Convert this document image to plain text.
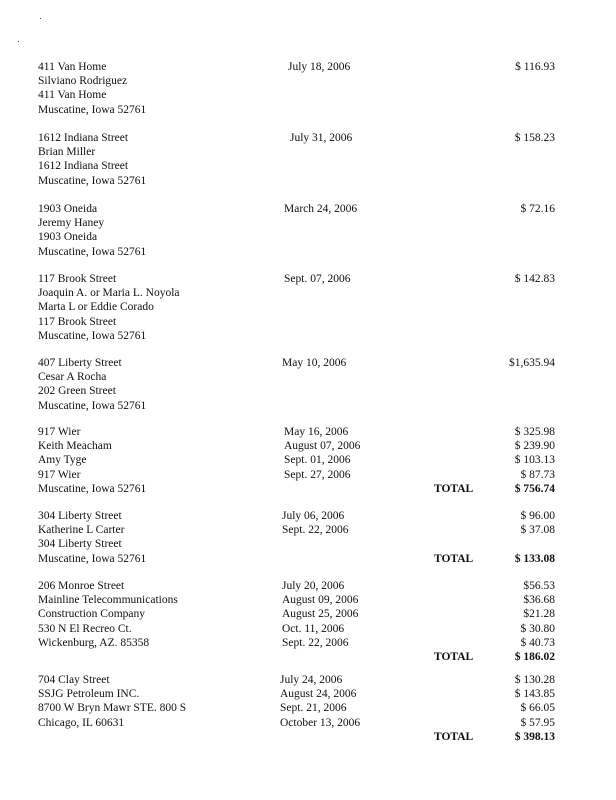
411 Van Home	July 18, 2006	$ 116.93
Silviano Rodriguez
411 Van Home
Muscatine, Iowa 52761
1612 Indiana Street	July 31, 2006	$ 158.23
Brian Miller
1612 Indiana Street
Muscatine, Iowa 52761
1903 Oneida	March 24, 2006	$ 72.16
Jeremy Haney
1903 Oneida
Muscatine, Iowa 52761
117 Brook Street	Sept. 07, 2006	$ 142.83
Joaquin A. or Maria L. Noyola
Marta L or Eddie Corado
117 Brook Street
Muscatine, Iowa 52761
407 Liberty Street	May 10, 2006	$1,635.94
Cesar A Rocha
202 Green Street
Muscatine, Iowa 52761
917 Wier	May 16, 2006	$ 325.98
Keith Meacham	August 07, 2006	$ 239.90
Amy Tyge	Sept. 01, 2006	$ 103.13
917 Wier	Sept. 27, 2006	$ 87.73
Muscatine, Iowa 52761	TOTAL	$ 756.74
304 Liberty Street	July 06, 2006	$ 96.00
Katherine L Carter	Sept. 22, 2006	$ 37.08
304 Liberty Street
Muscatine, Iowa 52761	TOTAL	$ 133.08
206 Monroe Street	July 20, 2006	$56.53
Mainline Telecommunications	August 09, 2006	$36.68
Construction Company	August 25, 2006	$21.28
530 N El Recreo Ct.	Oct. 11, 2006	$ 30.80
Wickenburg, AZ. 85358	Sept. 22, 2006	$ 40.73
TOTAL	$ 186.02
704 Clay Street	July 24, 2006	$ 130.28
SSJG Petroleum INC.	August 24, 2006	$ 143.85
8700 W Bryn Mawr STE. 800 S	Sept. 21, 2006	$ 66.05
Chicago, IL 60631	October 13, 2006	$ 57.95
TOTAL	$ 398.13
